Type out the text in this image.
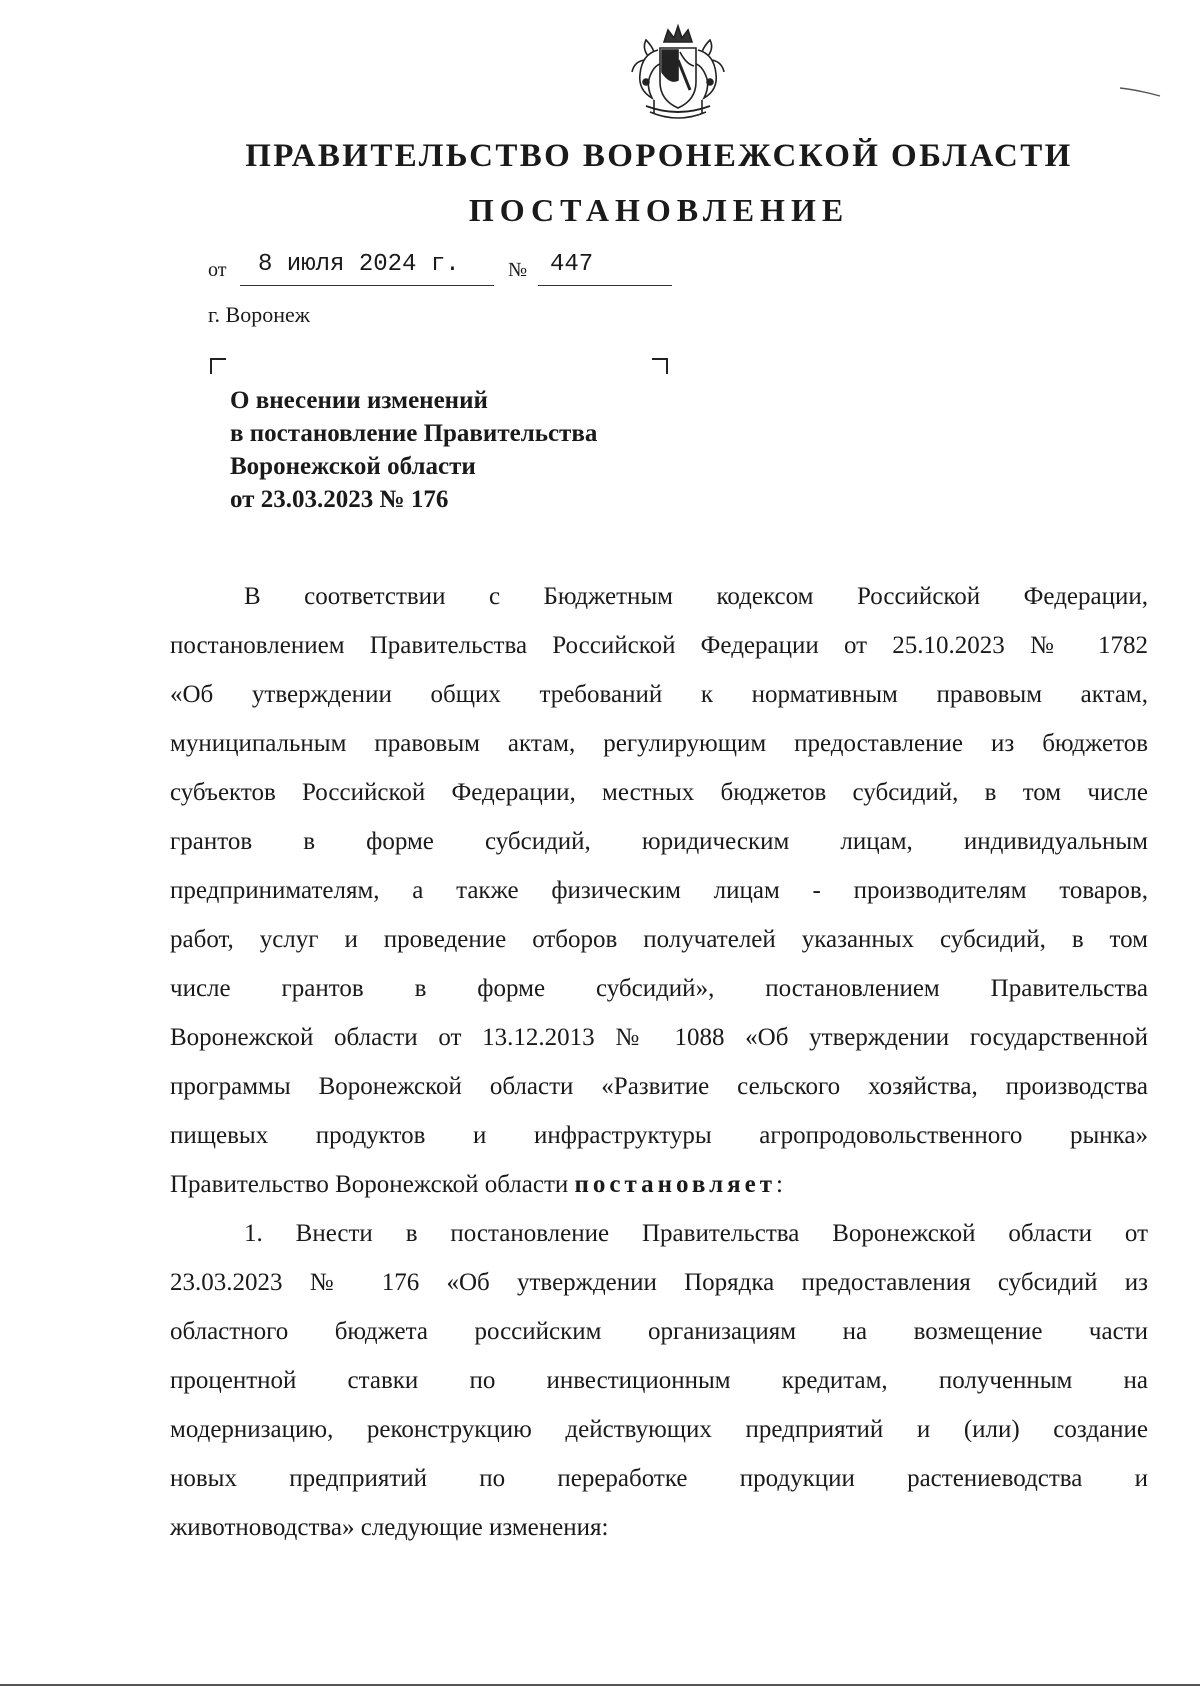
ПРАВИТЕЛЬСТВО ВОРОНЕЖСКОЙ ОБЛАСТИ
ПОСТАНОВЛЕНИЕ
от 8 июля 2024 г. № 447
г. Воронеж
О внесении изменений
в постановление Правительства
Воронежской области
от 23.03.2023 № 176
В соответствии с Бюджетным кодексом Российской Федерации,
постановлением Правительства Российской Федерации от 25.10.2023 № 1782
«Об утверждении общих требований к нормативным правовым актам,
муниципальным правовым актам, регулирующим предоставление из бюджетов
субъектов Российской Федерации, местных бюджетов субсидий, в том числе
грантов в форме субсидий, юридическим лицам, индивидуальным
предпринимателям, а также физическим лицам - производителям товаров,
работ, услуг и проведение отборов получателей указанных субсидий, в том
числе грантов в форме субсидий», постановлением Правительства
Воронежской области от 13.12.2013 № 1088 «Об утверждении государственной
программы Воронежской области «Развитие сельского хозяйства, производства
пищевых продуктов и инфраструктуры агропродовольственного рынка»
Правительство Воронежской области постановляет:
1. Внести в постановление Правительства Воронежской области от
23.03.2023 № 176 «Об утверждении Порядка предоставления субсидий из
областного бюджета российским организациям на возмещение части
процентной ставки по инвестиционным кредитам, полученным на
модернизацию, реконструкцию действующих предприятий и (или) создание
новых предприятий по переработке продукции растениеводства и
животноводства» следующие изменения:
